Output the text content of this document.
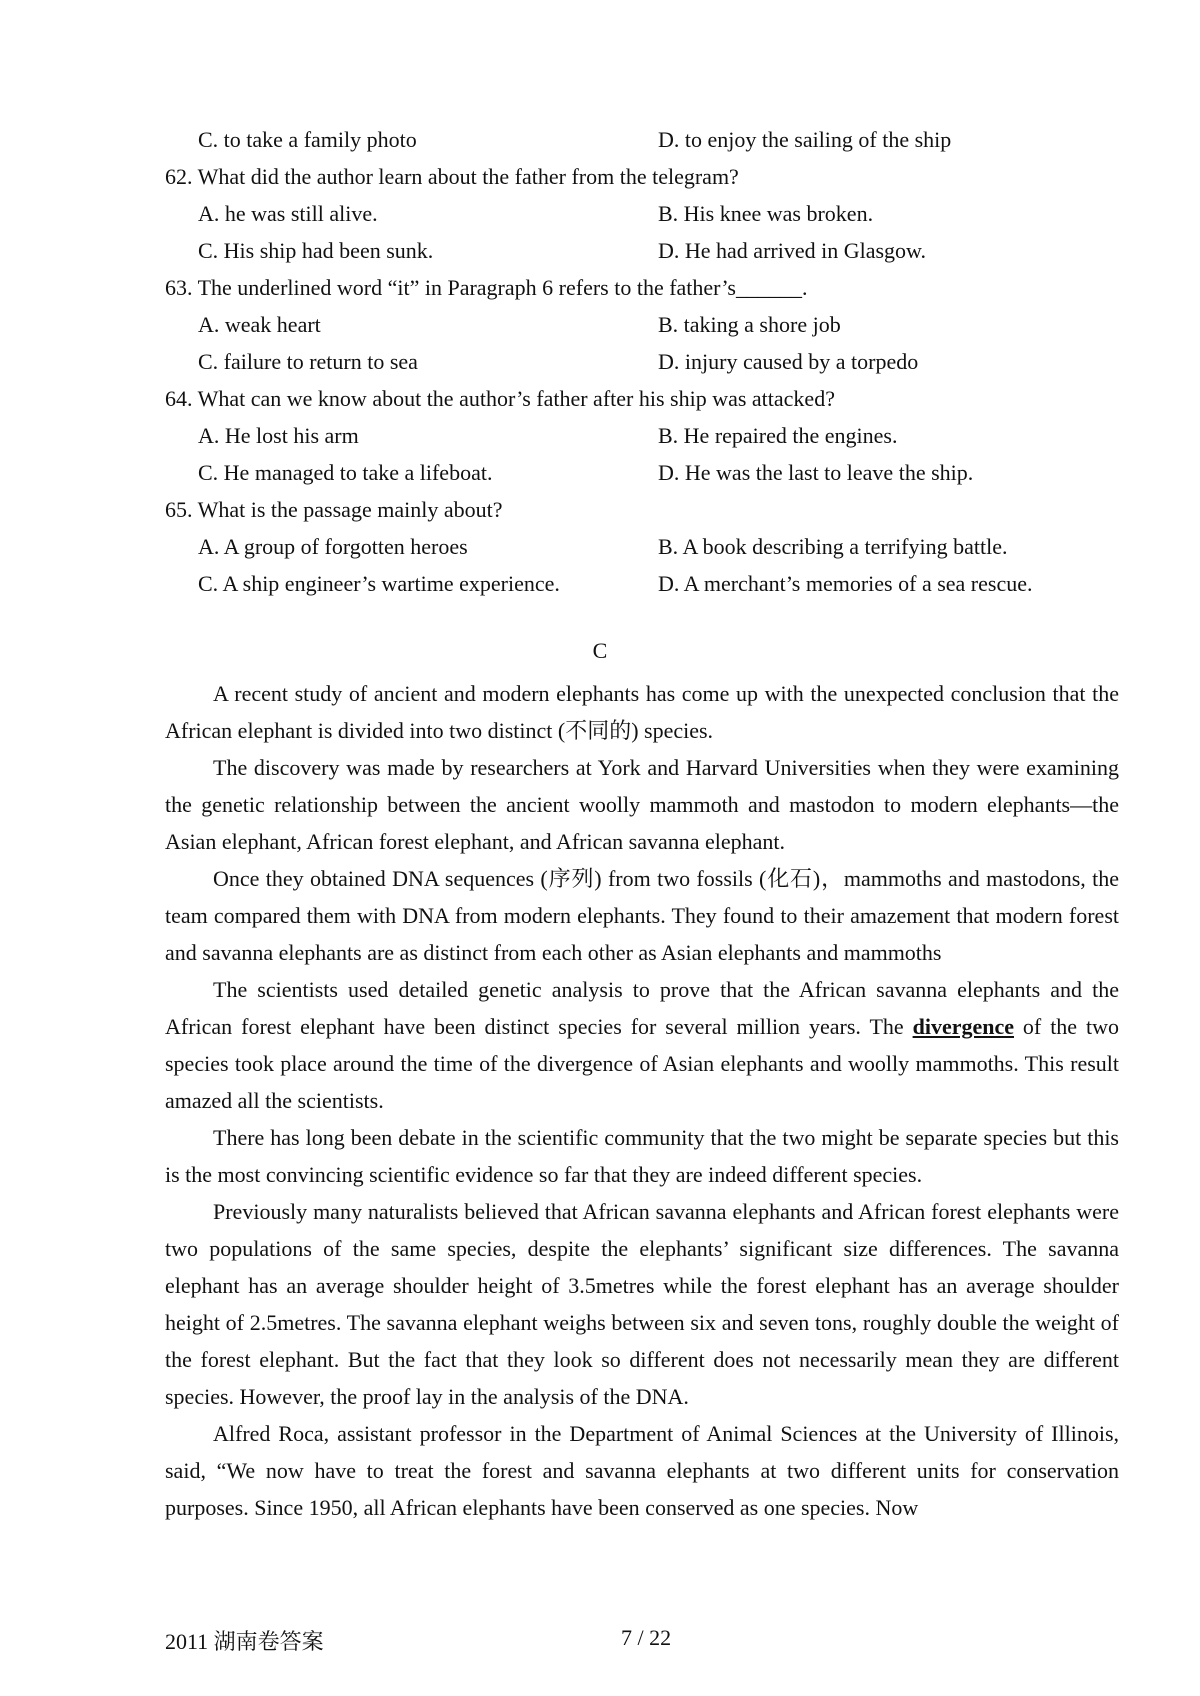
C. to take a family photo	D. to enjoy the sailing of the ship
62. What did the author learn about the father from the telegram?
A. he was still alive.	B. His knee was broken.
C. His ship had been sunk.	D. He had arrived in Glasgow.
63. The underlined word “it” in Paragraph 6 refers to the father’s______.
A. weak heart	B. taking a shore job
C. failure to return to sea	D. injury caused by a torpedo
64. What can we know about the author’s father after his ship was attacked?
A. He lost his arm	B. He repaired the engines.
C. He managed to take a lifeboat.	D. He was the last to leave the ship.
65. What is the passage mainly about?
A. A group of forgotten heroes	B. A book describing a terrifying battle.
C. A ship engineer’s wartime experience.	D. A merchant’s memories of a sea rescue.
C

A recent study of ancient and modern elephants has come up with the unexpected conclusion that the African elephant is divided into two distinct (不同的) species.

The discovery was made by researchers at York and Harvard Universities when they were examining the genetic relationship between the ancient woolly mammoth and mastodon to modern elephants—the Asian elephant, African forest elephant, and African savanna elephant.

Once they obtained DNA sequences (序列) from two fossils (化石)，mammoths and mastodons, the team compared them with DNA from modern elephants. They found to their amazement that modern forest and savanna elephants are as distinct from each other as Asian elephants and mammoths

The scientists used detailed genetic analysis to prove that the African savanna elephants and the African forest elephant have been distinct species for several million years. The divergence of the two species took place around the time of the divergence of Asian elephants and woolly mammoths. This result amazed all the scientists.

There has long been debate in the scientific community that the two might be separate species but this is the most convincing scientific evidence so far that they are indeed different species.

Previously many naturalists believed that African savanna elephants and African forest elephants were two populations of the same species, despite the elephants’ significant size differences. The savanna elephant has an average shoulder height of 3.5metres while the forest elephant has an average shoulder height of 2.5metres. The savanna elephant weighs between six and seven tons, roughly double the weight of the forest elephant. But the fact that they look so different does not necessarily mean they are different species. However, the proof lay in the analysis of the DNA.

Alfred Roca, assistant professor in the Department of Animal Sciences at the University of Illinois, said, “We now have to treat the forest and savanna elephants at two different units for conservation purposes. Since 1950, all African elephants have been conserved as one species. Now

2011 湖南卷答案	7 / 22
